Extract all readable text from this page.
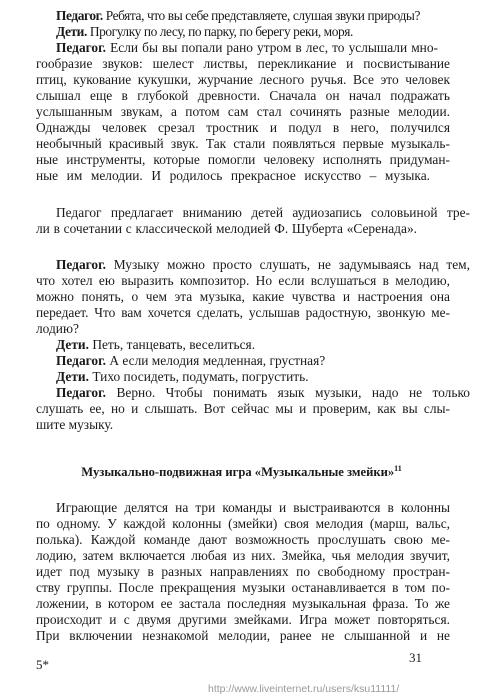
Педагог. Ребята, что вы себе представляете, слушая звуки природы?
Дети. Прогулку по лесу, по парку, по берегу реки, моря.
Педагог. Если бы вы попали рано утром в лес, то услышали мно-
гообразие звуков: шелест листвы, перекликание и посвистывание
птиц, кукование кукушки, журчание лесного ручья. Все это человек
слышал еще в глубокой древности. Сначала он начал подражать
услышанным звукам, а потом сам стал сочинять разные мелодии.
Однажды человек срезал тростник и подул в него, получился
необычный красивый звук. Так стали появляться первые музыкаль-
ные инструменты, которые помогли человеку исполнять придуман-
ные им мелодии. И родилось прекрасное искусство – музыка.
Педагог предлагает вниманию детей аудиозапись соловьиной тре-
ли в сочетании с классической мелодией Ф. Шуберта «Серенада».
Педагог. Музыку можно просто слушать, не задумываясь над тем,
что хотел ею выразить композитор. Но если вслушаться в мелодию,
можно понять, о чем эта музыка, какие чувства и настроения она
передает. Что вам хочется сделать, услышав радостную, звонкую ме-
лодию?
Дети. Петь, танцевать, веселиться.
Педагог. А если мелодия медленная, грустная?
Дети. Тихо посидеть, подумать, погрустить.
Педагог. Верно. Чтобы понимать язык музыки, надо не только
слушать ее, но и слышать. Вот сейчас мы и проверим, как вы слы-
шите музыку.
Музыкально-подвижная игра «Музыкальные змейки»$^{11}$
Играющие делятся на три команды и выстраиваются в колонны
по одному. У каждой колонны (змейки) своя мелодия (марш, вальс,
полька). Каждой команде дают возможность прослушать свою ме-
лодию, затем включается любая из них. Змейка, чья мелодия звучит,
идет под музыку в разных направлениях по свободному простран-
ству группы. После прекращения музыки останавливается в том по-
ложении, в котором ее застала последняя музыкальная фраза. То же
происходит и с двумя другими змейками. Игра может повторяться.
При включении незнакомой мелодии, ранее не слышанной и не
5*	31
http://www.liveinternet.ru/users/ksu11111/
